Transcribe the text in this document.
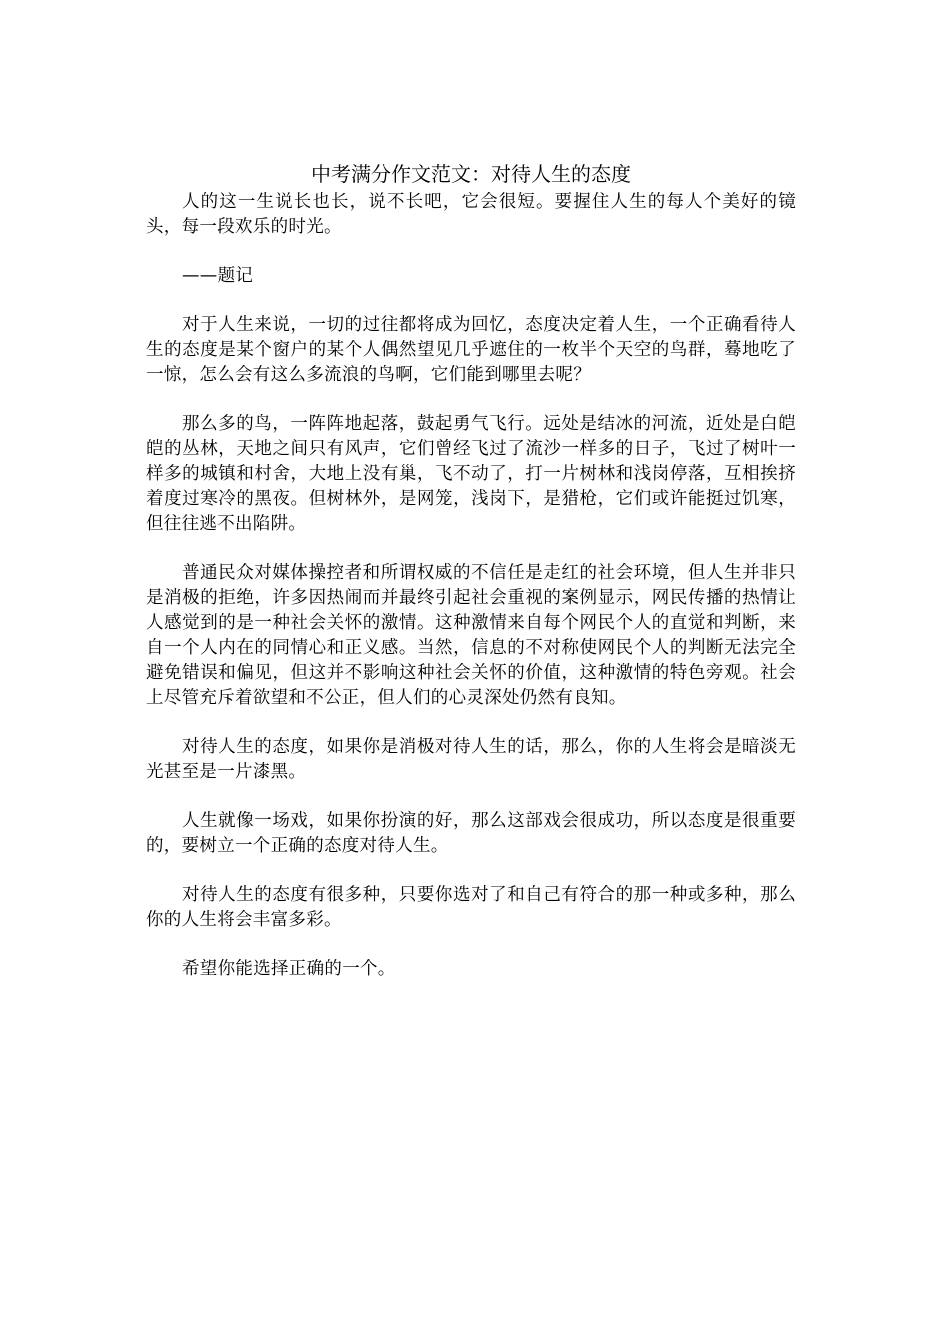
中考满分作文范文：对待人生的态度

人的这一生说长也长，说不长吧，它会很短。要握住人生的每人个美好的镜头，每一段欢乐的时光。

——题记

对于人生来说，一切的过往都将成为回忆，态度决定着人生，一个正确看待人生的态度是某个窗户的某个人偶然望见几乎遮住的一枚半个天空的鸟群，蓦地吃了一惊，怎么会有这么多流浪的鸟啊，它们能到哪里去呢？

那么多的鸟，一阵阵地起落，鼓起勇气飞行。远处是结冰的河流，近处是白皑皑的丛林，天地之间只有风声，它们曾经飞过了流沙一样多的日子，飞过了树叶一样多的城镇和村舍，大地上没有巢，飞不动了，打一片树林和浅岗停落，互相挨挤着度过寒冷的黑夜。但树林外，是网笼，浅岗下，是猎枪，它们或许能挺过饥寒，但往往逃不出陷阱。

普通民众对媒体操控者和所谓权威的不信任是走红的社会环境，但人生并非只是消极的拒绝，许多因热闹而并最终引起社会重视的案例显示，网民传播的热情让人感觉到的是一种社会关怀的激情。这种激情来自每个网民个人的直觉和判断，来自一个人内在的同情心和正义感。当然，信息的不对称使网民个人的判断无法完全避免错误和偏见，但这并不影响这种社会关怀的价值，这种激情的特色旁观。社会上尽管充斥着欲望和不公正，但人们的心灵深处仍然有良知。

对待人生的态度，如果你是消极对待人生的话，那么，你的人生将会是暗淡无光甚至是一片漆黑。

人生就像一场戏，如果你扮演的好，那么这部戏会很成功，所以态度是很重要的，要树立一个正确的态度对待人生。

对待人生的态度有很多种，只要你选对了和自己有符合的那一种或多种，那么你的人生将会丰富多彩。

希望你能选择正确的一个。
